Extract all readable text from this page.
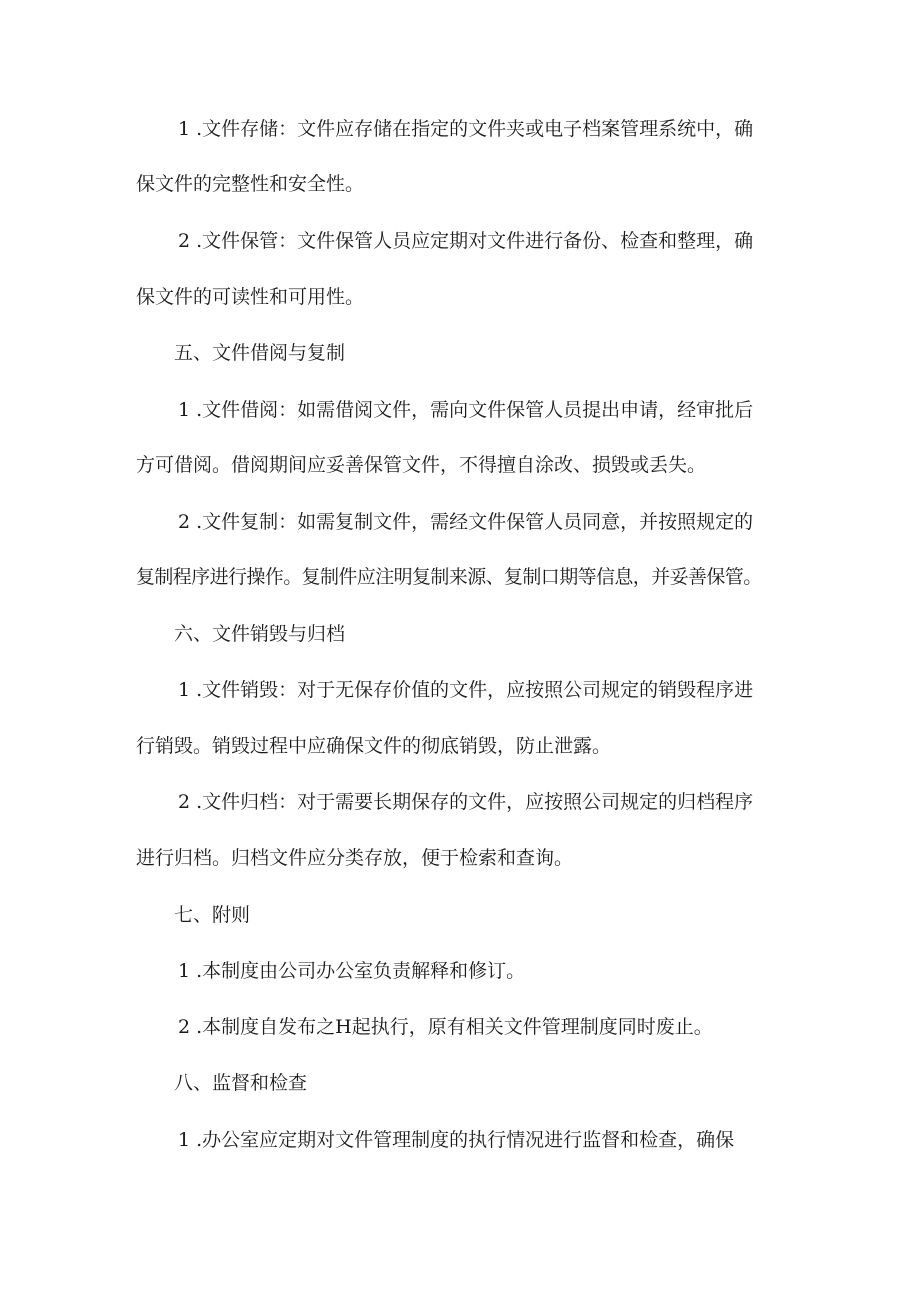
1 .文件存储：文件应存储在指定的文件夹或电子档案管理系统中，确
保文件的完整性和安全性。
2 .文件保管：文件保管人员应定期对文件进行备份、检查和整理，确
保文件的可读性和可用性。
五、文件借阅与复制
1 .文件借阅：如需借阅文件，需向文件保管人员提出申请，经审批后
方可借阅。借阅期间应妥善保管文件，不得擅自涂改、损毁或丢失。
2 .文件复制：如需复制文件，需经文件保管人员同意，并按照规定的
复制程序进行操作。复制件应注明复制来源、复制口期等信息，并妥善保管。
六、文件销毁与归档
1 .文件销毁：对于无保存价值的文件，应按照公司规定的销毁程序进
行销毁。销毁过程中应确保文件的彻底销毁，防止泄露。
2 .文件归档：对于需要长期保存的文件，应按照公司规定的归档程序
进行归档。归档文件应分类存放，便于检索和查询。
七、附则
1 .本制度由公司办公室负责解释和修订。
2 .本制度自发布之H起执行，原有相关文件管理制度同时废止。
八、监督和检查
1 .办公室应定期对文件管理制度的执行情况进行监督和检查，确保
